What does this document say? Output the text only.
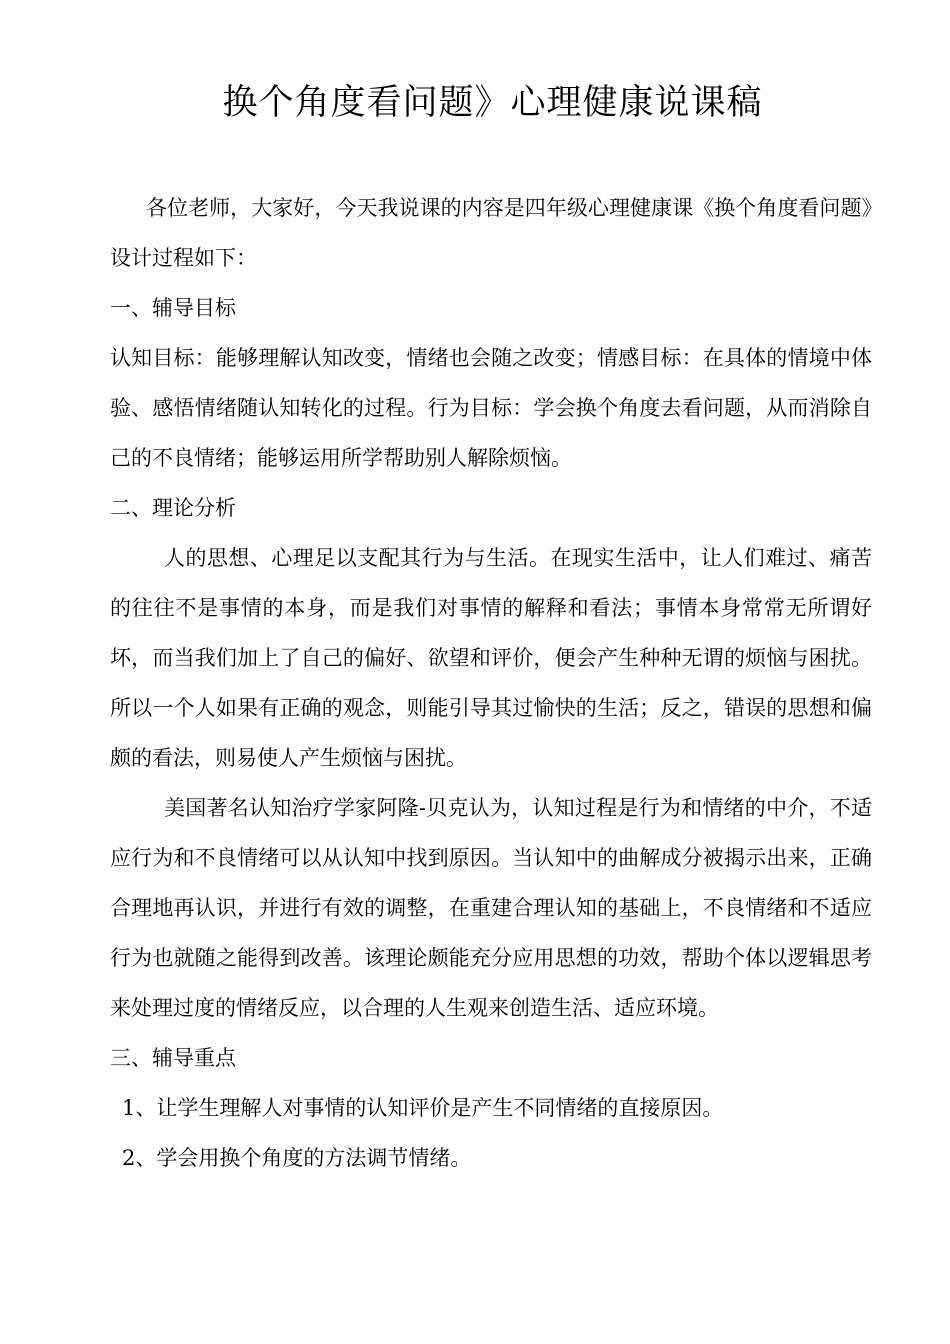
换个角度看问题》心理健康说课稿

各位老师，大家好，今天我说课的内容是四年级心理健康课《换个角度看问题》设计过程如下：

一、辅导目标

认知目标：能够理解认知改变，情绪也会随之改变；情感目标：在具体的情境中体验、感悟情绪随认知转化的过程。行为目标：学会换个角度去看问题，从而消除自己的不良情绪；能够运用所学帮助别人解除烦恼。

二、理论分析

人的思想、心理足以支配其行为与生活。在现实生活中，让人们难过、痛苦的往往不是事情的本身，而是我们对事情的解释和看法；事情本身常常无所谓好坏，而当我们加上了自己的偏好、欲望和评价，便会产生种种无谓的烦恼与困扰。所以一个人如果有正确的观念，则能引导其过愉快的生活；反之，错误的思想和偏颇的看法，则易使人产生烦恼与困扰。

美国著名认知治疗学家阿隆-贝克认为，认知过程是行为和情绪的中介，不适应行为和不良情绪可以从认知中找到原因。当认知中的曲解成分被揭示出来，正确合理地再认识，并进行有效的调整，在重建合理认知的基础上，不良情绪和不适应行为也就随之能得到改善。该理论颇能充分应用思想的功效，帮助个体以逻辑思考来处理过度的情绪反应，以合理的人生观来创造生活、适应环境。

三、辅导重点

1、让学生理解人对事情的认知评价是产生不同情绪的直接原因。

2、学会用换个角度的方法调节情绪。
